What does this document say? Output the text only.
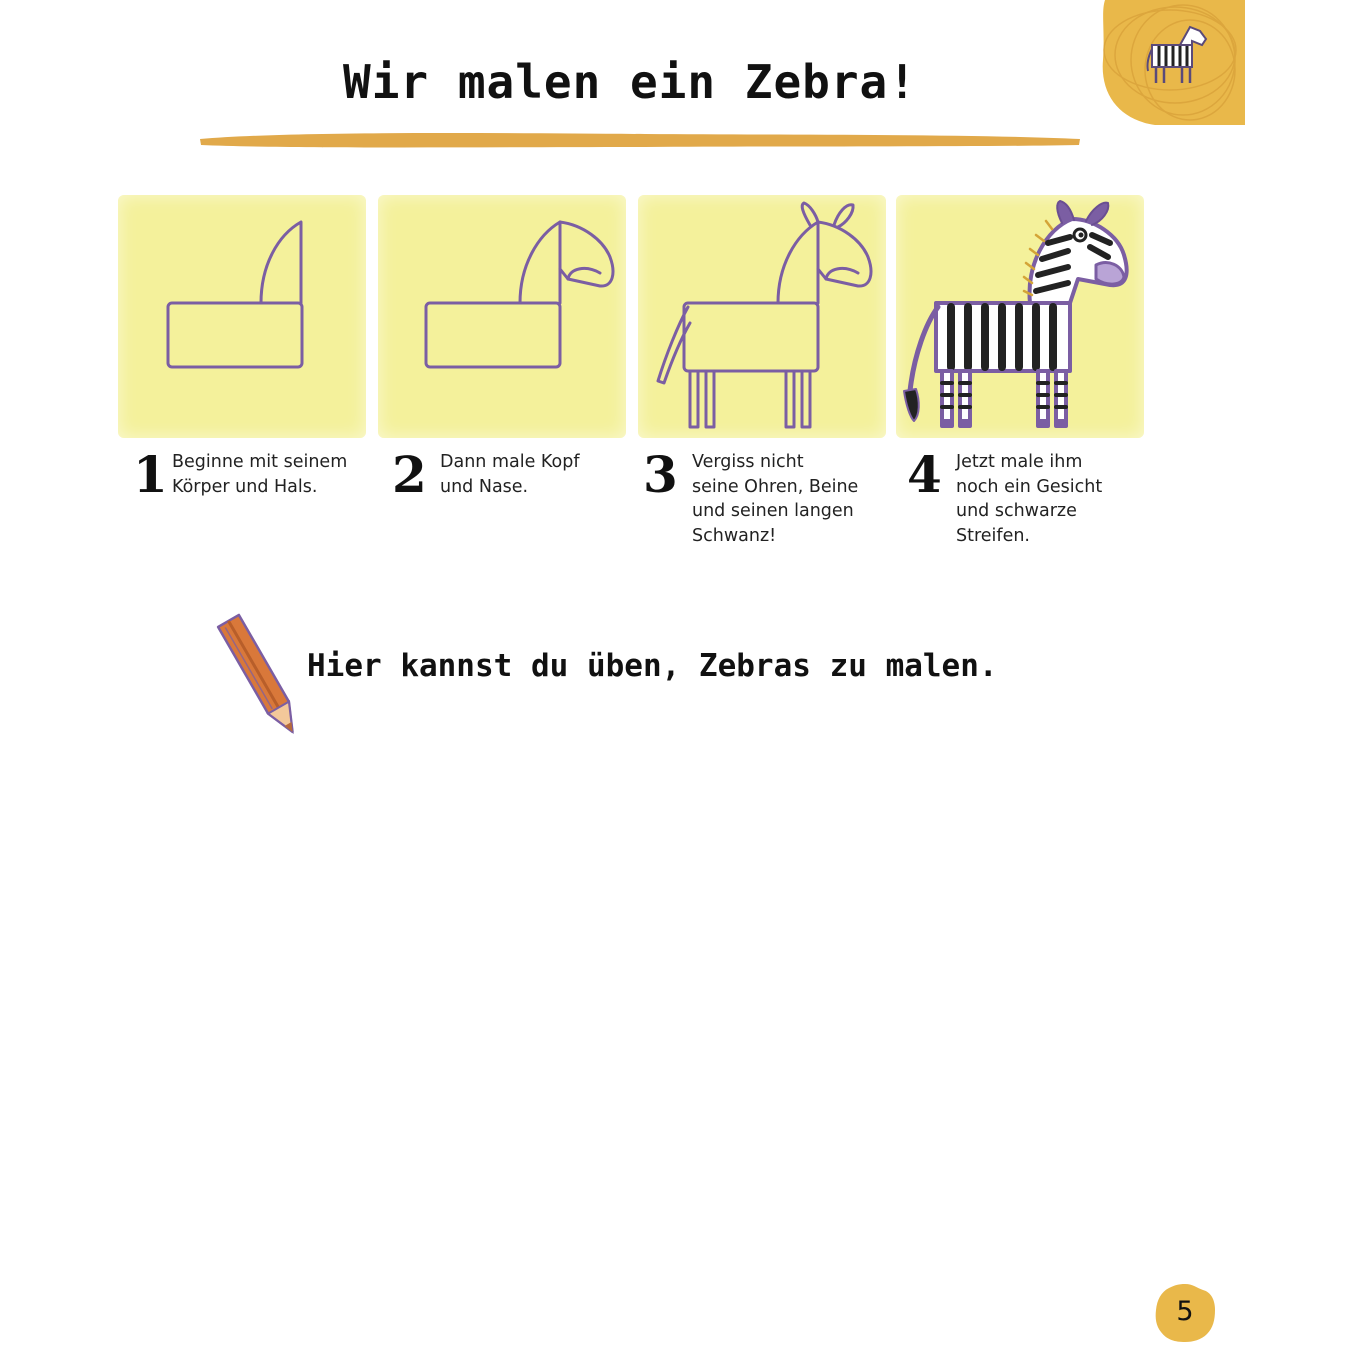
Wir malen ein Zebra!
1 Beginne mit seinem
Körper und Hals.	2 Dann male Kopf
und Nase.	3 Vergiss nicht
seine Ohren, Beine
und seinen langen
Schwanz!
4 Jetzt male ihm
noch ein Gesicht
und schwarze
Streifen.
Hier kannst du üben, Zebras zu malen.
5
